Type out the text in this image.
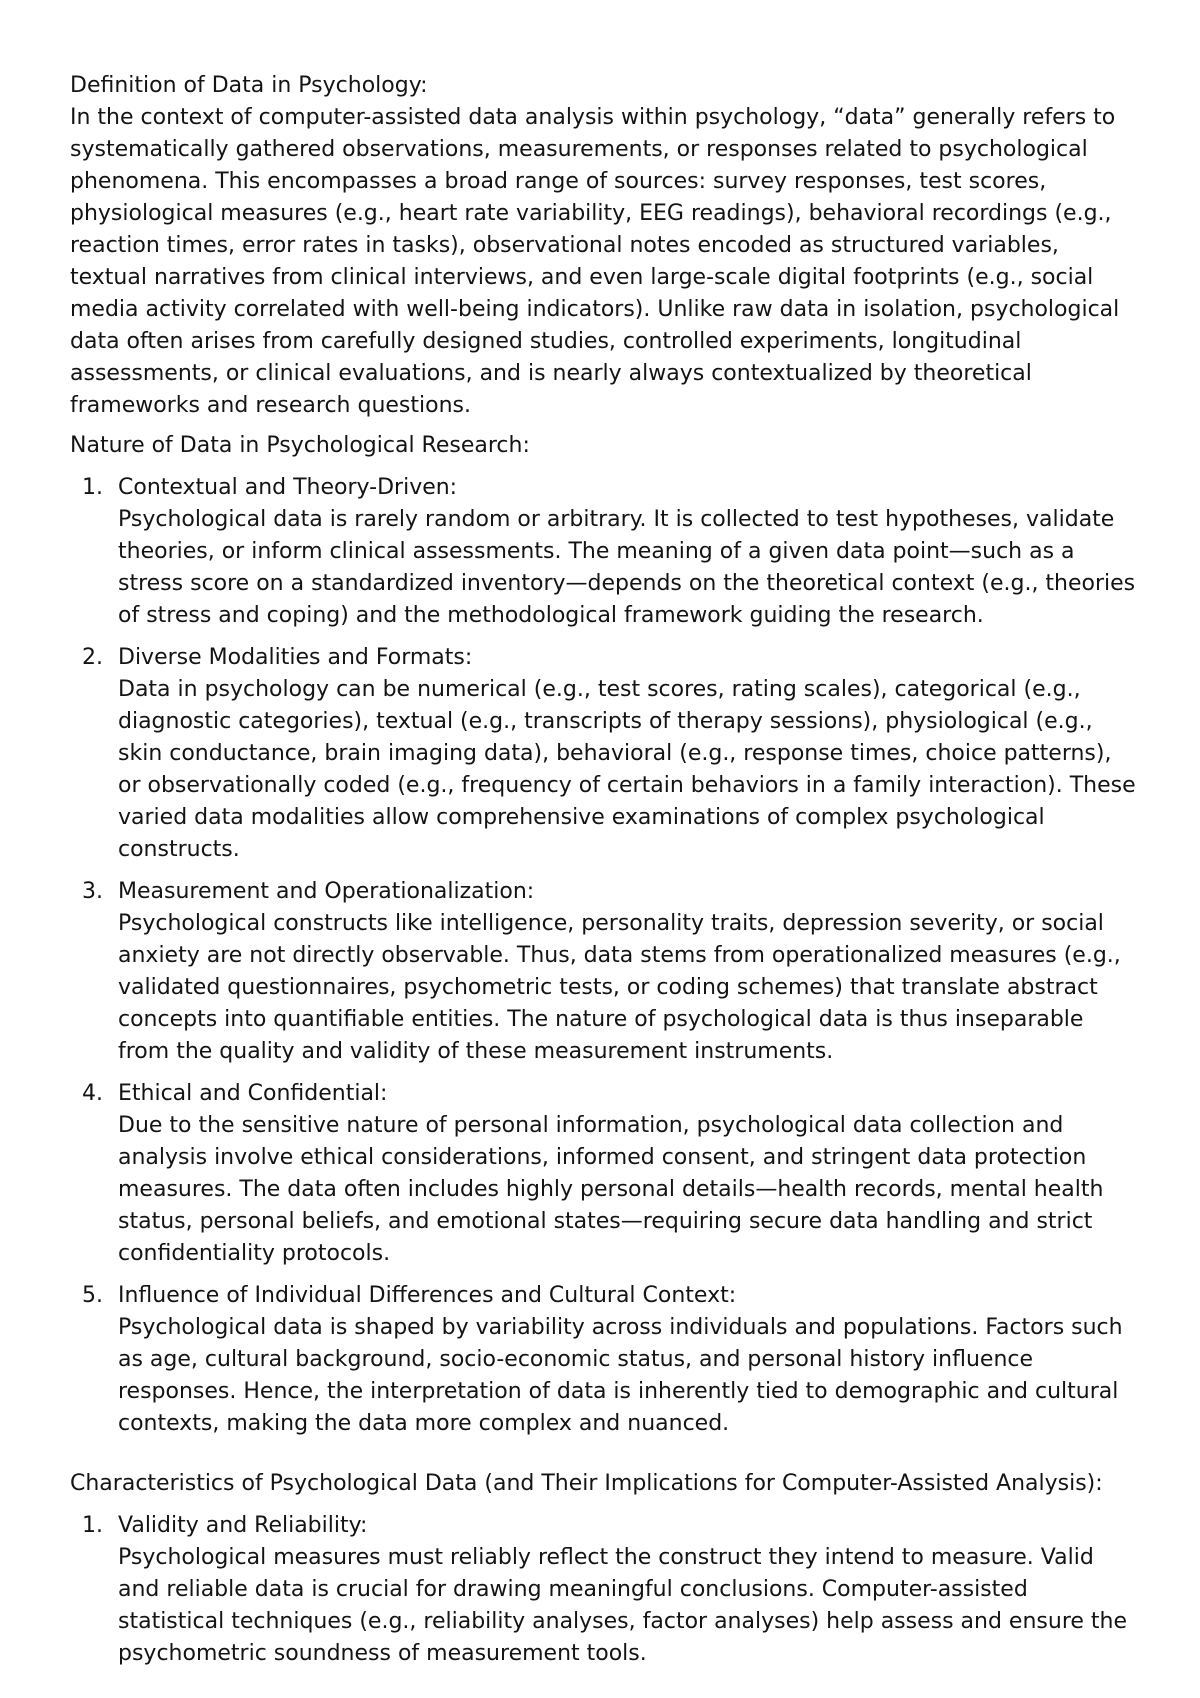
Definition of Data in Psychology:

In the context of computer-assisted data analysis within psychology, “data” generally refers to systematically gathered observations, measurements, or responses related to psychological phenomena. This encompasses a broad range of sources: survey responses, test scores, physiological measures (e.g., heart rate variability, EEG readings), behavioral recordings (e.g., reaction times, error rates in tasks), observational notes encoded as structured variables, textual narratives from clinical interviews, and even large-scale digital footprints (e.g., social media activity correlated with well-being indicators). Unlike raw data in isolation, psychological data often arises from carefully designed studies, controlled experiments, longitudinal assessments, or clinical evaluations, and is nearly always contextualized by theoretical frameworks and research questions.

Nature of Data in Psychological Research:

1. Contextual and Theory-Driven:
Psychological data is rarely random or arbitrary. It is collected to test hypotheses, validate theories, or inform clinical assessments. The meaning of a given data point—such as a stress score on a standardized inventory—depends on the theoretical context (e.g., theories of stress and coping) and the methodological framework guiding the research.
2. Diverse Modalities and Formats:
Data in psychology can be numerical (e.g., test scores, rating scales), categorical (e.g., diagnostic categories), textual (e.g., transcripts of therapy sessions), physiological (e.g., skin conductance, brain imaging data), behavioral (e.g., response times, choice patterns), or observationally coded (e.g., frequency of certain behaviors in a family interaction). These varied data modalities allow comprehensive examinations of complex psychological constructs.
3. Measurement and Operationalization:
Psychological constructs like intelligence, personality traits, depression severity, or social anxiety are not directly observable. Thus, data stems from operationalized measures (e.g., validated questionnaires, psychometric tests, or coding schemes) that translate abstract concepts into quantifiable entities. The nature of psychological data is thus inseparable from the quality and validity of these measurement instruments.
4. Ethical and Confidential:
Due to the sensitive nature of personal information, psychological data collection and analysis involve ethical considerations, informed consent, and stringent data protection measures. The data often includes highly personal details—health records, mental health status, personal beliefs, and emotional states—requiring secure data handling and strict confidentiality protocols.
5. Influence of Individual Differences and Cultural Context:
Psychological data is shaped by variability across individuals and populations. Factors such as age, cultural background, socio-economic status, and personal history influence responses. Hence, the interpretation of data is inherently tied to demographic and cultural contexts, making the data more complex and nuanced.

Characteristics of Psychological Data (and Their Implications for Computer-Assisted Analysis):

1. Validity and Reliability:
Psychological measures must reliably reflect the construct they intend to measure. Valid and reliable data is crucial for drawing meaningful conclusions. Computer-assisted statistical techniques (e.g., reliability analyses, factor analyses) help assess and ensure the psychometric soundness of measurement tools.
